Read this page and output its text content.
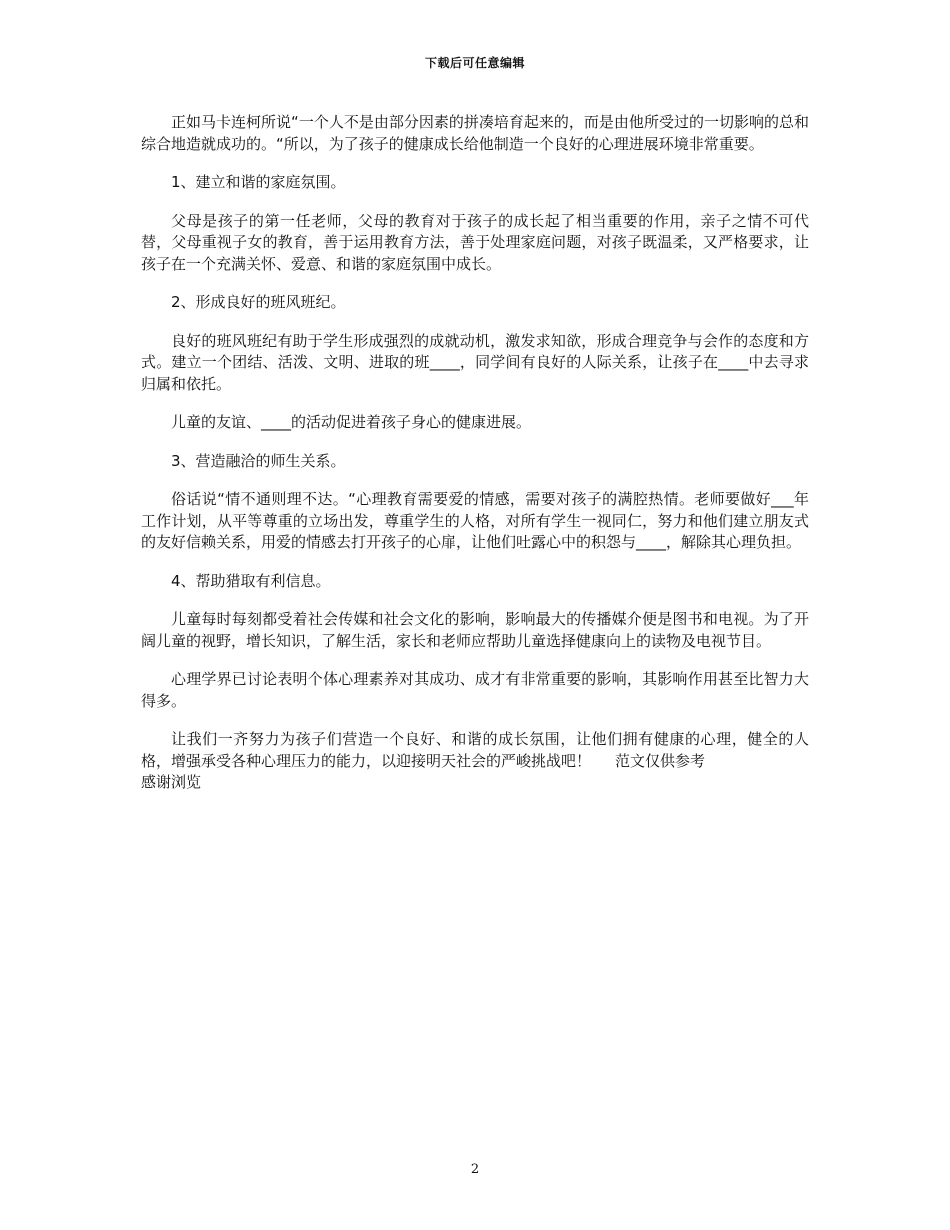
下载后可任意编辑

正如马卡连柯所说“一个人不是由部分因素的拼凑培育起来的，而是由他所受过的一切影响的总和综合地造就成功的。“所以，为了孩子的健康成长给他制造一个良好的心理进展环境非常重要。

1、建立和谐的家庭氛围。

父母是孩子的第一任老师，父母的教育对于孩子的成长起了相当重要的作用，亲子之情不可代替，父母重视子女的教育，善于运用教育方法，善于处理家庭问题，对孩子既温柔，又严格要求，让孩子在一个充满关怀、爱意、和谐的家庭氛围中成长。

2、形成良好的班风班纪。

良好的班风班纪有助于学生形成强烈的成就动机，激发求知欲，形成合理竞争与会作的态度和方式。建立一个团结、活泼、文明、进取的班____，同学间有良好的人际关系，让孩子在____中去寻求归属和依托。

儿童的友谊、____的活动促进着孩子身心的健康进展。

3、营造融洽的师生关系。

俗话说“情不通则理不达。“心理教育需要爱的情感，需要对孩子的满腔热情。老师要做好___年工作计划，从平等尊重的立场出发，尊重学生的人格，对所有学生一视同仁，努力和他们建立朋友式的友好信赖关系，用爱的情感去打开孩子的心扉，让他们吐露心中的积怨与____，解除其心理负担。

4、帮助猎取有利信息。

儿童每时每刻都受着社会传媒和社会文化的影响，影响最大的传播媒介便是图书和电视。为了开阔儿童的视野，增长知识，了解生活，家长和老师应帮助儿童选择健康向上的读物及电视节目。

心理学界已讨论表明个体心理素养对其成功、成才有非常重要的影响，其影响作用甚至比智力大得多。

让我们一齐努力为孩子们营造一个良好、和谐的成长氛围，让他们拥有健康的心理，健全的人格，增强承受各种心理压力的能力，以迎接明天社会的严峻挑战吧！ 范文仅供参考
感谢浏览

2
